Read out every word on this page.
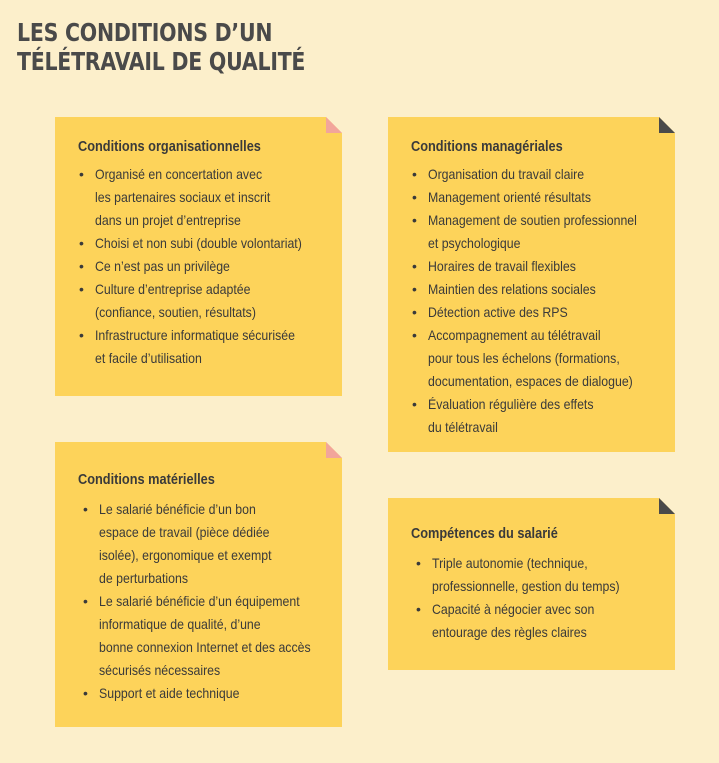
LES CONDITIONS D’UN
TÉLÉTRAVAIL DE QUALITÉ
Conditions organisationnelles
• Organisé en concertation avec
les partenaires sociaux et inscrit
dans un projet d’entreprise
• Choisi et non subi (double volontariat)
• Ce n’est pas un privilège
• Culture d’entreprise adaptée
(confiance, soutien, résultats)
• Infrastructure informatique sécurisée
et facile d’utilisation
Conditions managériales
• Organisation du travail claire
• Management orienté résultats
• Management de soutien professionnel
et psychologique
• Horaires de travail flexibles
• Maintien des relations sociales
• Détection active des RPS
• Accompagnement au télétravail
pour tous les échelons (formations,
documentation, espaces de dialogue)
• Évaluation régulière des effets
du télétravail
Conditions matérielles
• Le salarié bénéficie d’un bon
espace de travail (pièce dédiée
isolée), ergonomique et exempt
de perturbations
• Le salarié bénéficie d’un équipement
informatique de qualité, d’une
bonne connexion Internet et des accès
sécurisés nécessaires
• Support et aide technique
Compétences du salarié
• Triple autonomie (technique,
professionnelle, gestion du temps)
• Capacité à négocier avec son
entourage des règles claires
